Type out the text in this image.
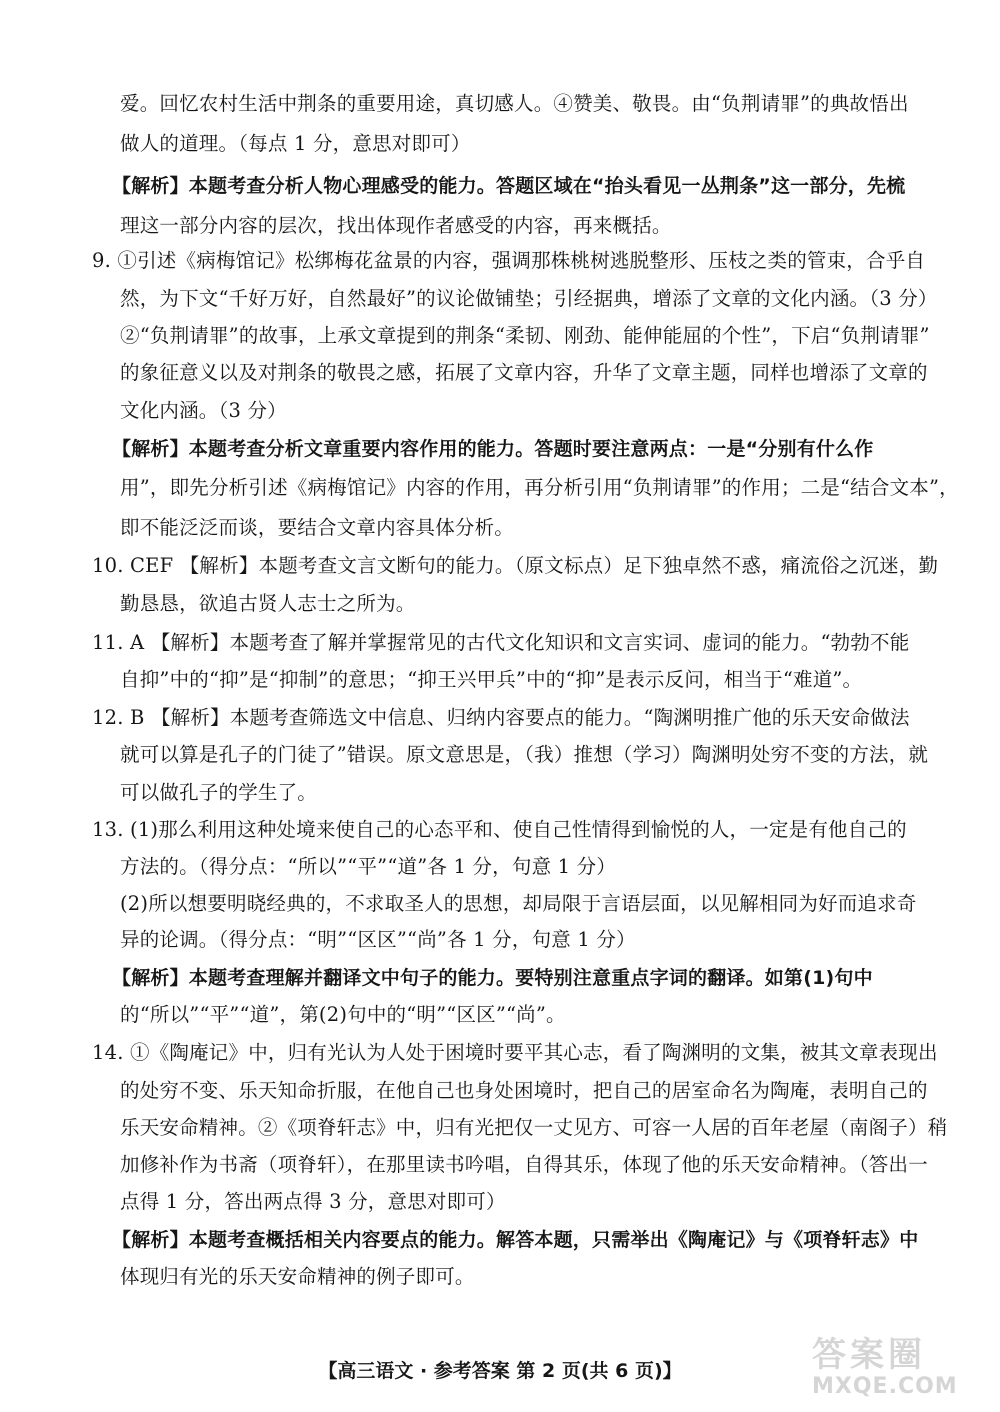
爱。回忆农村生活中荆条的重要用途，真切感人。④赞美、敬畏。由“负荆请罪”的典故悟出
做人的道理。（每点 1 分，意思对即可）
【解析】本题考查分析人物心理感受的能力。答题区域在“抬头看见一丛荆条”这一部分，先梳
理这一部分内容的层次，找出体现作者感受的内容，再来概括。
9. ①引述《病梅馆记》松绑梅花盆景的内容，强调那株桃树逃脱整形、压枝之类的管束，合乎自
然，为下文“千好万好，自然最好”的议论做铺垫；引经据典，增添了文章的文化内涵。（3 分）
②“负荆请罪”的故事，上承文章提到的荆条“柔韧、刚劲、能伸能屈的个性”，下启“负荆请罪”
的象征意义以及对荆条的敬畏之感，拓展了文章内容，升华了文章主题，同样也增添了文章的
文化内涵。（3 分）
【解析】本题考查分析文章重要内容作用的能力。答题时要注意两点：一是“分别有什么作
用”，即先分析引述《病梅馆记》内容的作用，再分析引用“负荆请罪”的作用；二是“结合文本”，
即不能泛泛而谈，要结合文章内容具体分析。
10. CEF 【解析】本题考查文言文断句的能力。（原文标点）足下独卓然不惑，痛流俗之沉迷，勤
勤恳恳，欲追古贤人志士之所为。
11. A 【解析】本题考查了解并掌握常见的古代文化知识和文言实词、虚词的能力。“勃勃不能
自抑”中的“抑”是“抑制”的意思；“抑王兴甲兵”中的“抑”是表示反问，相当于“难道”。
12. B 【解析】本题考查筛选文中信息、归纳内容要点的能力。“陶渊明推广他的乐天安命做法
就可以算是孔子的门徒了”错误。原文意思是，（我）推想（学习）陶渊明处穷不变的方法，就
可以做孔子的学生了。
13. (1)那么利用这种处境来使自己的心态平和、使自己性情得到愉悦的人，一定是有他自己的
方法的。（得分点：“所以”“平”“道”各 1 分，句意 1 分）
(2)所以想要明晓经典的，不求取圣人的思想，却局限于言语层面，以见解相同为好而追求奇
异的论调。（得分点：“明”“区区”“尚”各 1 分，句意 1 分）
【解析】本题考查理解并翻译文中句子的能力。要特别注意重点字词的翻译。如第(1)句中
的“所以”“平”“道”，第(2)句中的“明”“区区”“尚”。
14. ①《陶庵记》中，归有光认为人处于困境时要平其心志，看了陶渊明的文集，被其文章表现出
的处穷不变、乐天知命折服，在他自己也身处困境时，把自己的居室命名为陶庵，表明自己的
乐天安命精神。②《项脊轩志》中，归有光把仅一丈见方、可容一人居的百年老屋（南阁子）稍
加修补作为书斋（项脊轩），在那里读书吟唱，自得其乐，体现了他的乐天安命精神。（答出一
点得 1 分，答出两点得 3 分，意思对即可）
【解析】本题考查概括相关内容要点的能力。解答本题，只需举出《陶庵记》与《项脊轩志》中
体现归有光的乐天安命精神的例子即可。
【高三语文 · 参考答案 第 2 页(共 6 页)】	答案圈
MXQE.COM
